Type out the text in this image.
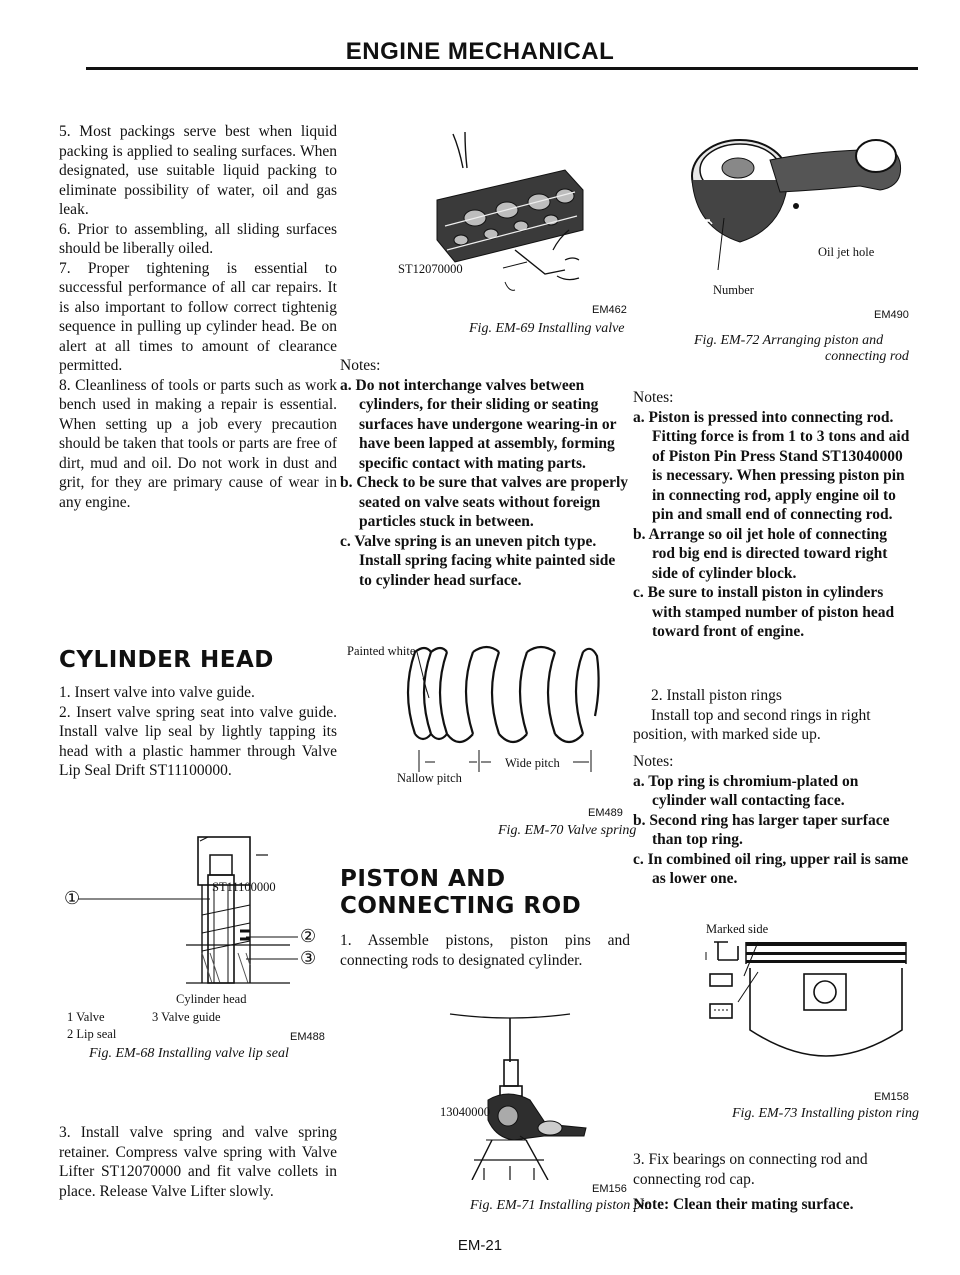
ENGINE MECHANICAL

5. Most packings serve best when liquid packing is applied to sealing surfaces. When designated, use suitable liquid packing to eliminate possibility of water, oil and gas leak.

6. Prior to assembling, all sliding surfaces should be liberally oiled.

7. Proper tightening is essential to successful performance of all car repairs. It is also important to follow correct tightenig sequence in pulling up cylinder head. Be on alert at all times to amount of clearance permitted.

8. Cleanliness of tools or parts such as work bench used in making a repair is essential. When setting up a job every precaution should be taken that tools or parts are free of dirt, mud and oil. Do not work in dust and grit, for they are primary cause of wear in any engine.

CYLINDER HEAD

1. Insert valve into valve guide.

2. Insert valve spring seat into valve guide. Install valve lip seal by lightly tapping its head with a plastic hammer through Valve Lip Seal Drift ST11100000.

ST11100000
①
②
③
Cylinder head
1 Valve
2 Lip seal
3 Valve guide
EM488
Fig. EM-68 Installing valve lip seal

3. Install valve spring and valve spring retainer. Compress valve spring with Valve Lifter ST12070000 and fit valve collets in place. Release Valve Lifter slowly.

ST12070000
EM462
Fig. EM-69 Installing valve

Notes:

a. Do not interchange valves between cylinders, for their sliding or seating surfaces have undergone wearing-in or have been lapped at assembly, forming specific contact with mating parts.

b. Check to be sure that valves are properly seated on valve seats without foreign particles stuck in between.

c. Valve spring is an uneven pitch type. Install spring facing white painted side to cylinder head surface.

Painted white
Nallow pitch
Wide pitch
EM489
Fig. EM-70 Valve spring
PISTON AND
CONNECTING ROD

1. Assemble pistons, piston pins and connecting rods to designated cylinder.

13040000
EM156
Fig. EM-71 Installing piston pin
Oil jet hole
Number
EM490
Fig. EM-72 Arranging piston and
connecting rod

Notes:

a. Piston is pressed into connecting rod. Fitting force is from 1 to 3 tons and aid of Piston Pin Press Stand ST13040000 is necessary. When pressing piston pin in connecting rod, apply engine oil to pin and small end of connecting rod.

b. Arrange so oil jet hole of connecting rod big end is directed toward right side of cylinder block.

c. Be sure to install piston in cylinders with stamped number of piston head toward front of engine.

2. Install piston rings

Install top and second rings in right position, with marked side up.

Notes:

a. Top ring is chromium-plated on cylinder wall contacting face.

b. Second ring has larger taper surface than top ring.

c. In combined oil ring, upper rail is same as lower one.

Marked side
EM158
Fig. EM-73 Installing piston ring

3. Fix bearings on connecting rod and connecting rod cap.

Note: Clean their mating surface.
EM-21
